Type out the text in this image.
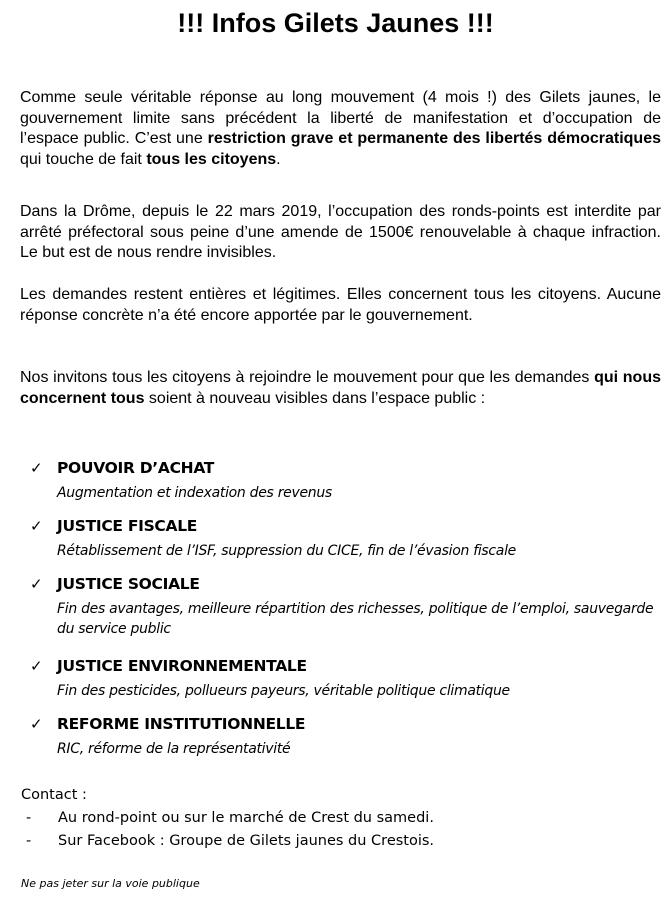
!!! Infos Gilets Jaunes !!!

Comme seule véritable réponse au long mouvement (4 mois !) des Gilets jaunes, le gouvernement limite sans précédent la liberté de manifestation et d’occupation de l’espace public. C’est une restriction grave et permanente des libertés démocratiques qui touche de fait tous les citoyens.

Dans la Drôme, depuis le 22 mars 2019, l’occupation des ronds-points est interdite par arrêté préfectoral sous peine d’une amende de 1500€ renouvelable à chaque infraction. Le but est de nous rendre invisibles.

Les demandes restent entières et légitimes. Elles concernent tous les citoyens. Aucune réponse concrète n’a été encore apportée par le gouvernement.

Nos invitons tous les citoyens à rejoindre le mouvement pour que les demandes qui nous concernent tous soient à nouveau visibles dans l’espace public :

✓ POUVOIR D’ACHAT
Augmentation et indexation des revenus
✓ JUSTICE FISCALE
Rétablissement de l’ISF, suppression du CICE, fin de l’évasion fiscale
✓ JUSTICE SOCIALE
Fin des avantages, meilleure répartition des richesses, politique de l’emploi, sauvegarde du service public
✓ JUSTICE ENVIRONNEMENTALE
Fin des pesticides, pollueurs payeurs, véritable politique climatique
✓ REFORME INSTITUTIONNELLE
RIC, réforme de la représentativité
Contact :
- Au rond-point ou sur le marché de Crest du samedi.
- Sur Facebook : Groupe de Gilets jaunes du Crestois.
Ne pas jeter sur la voie publique
